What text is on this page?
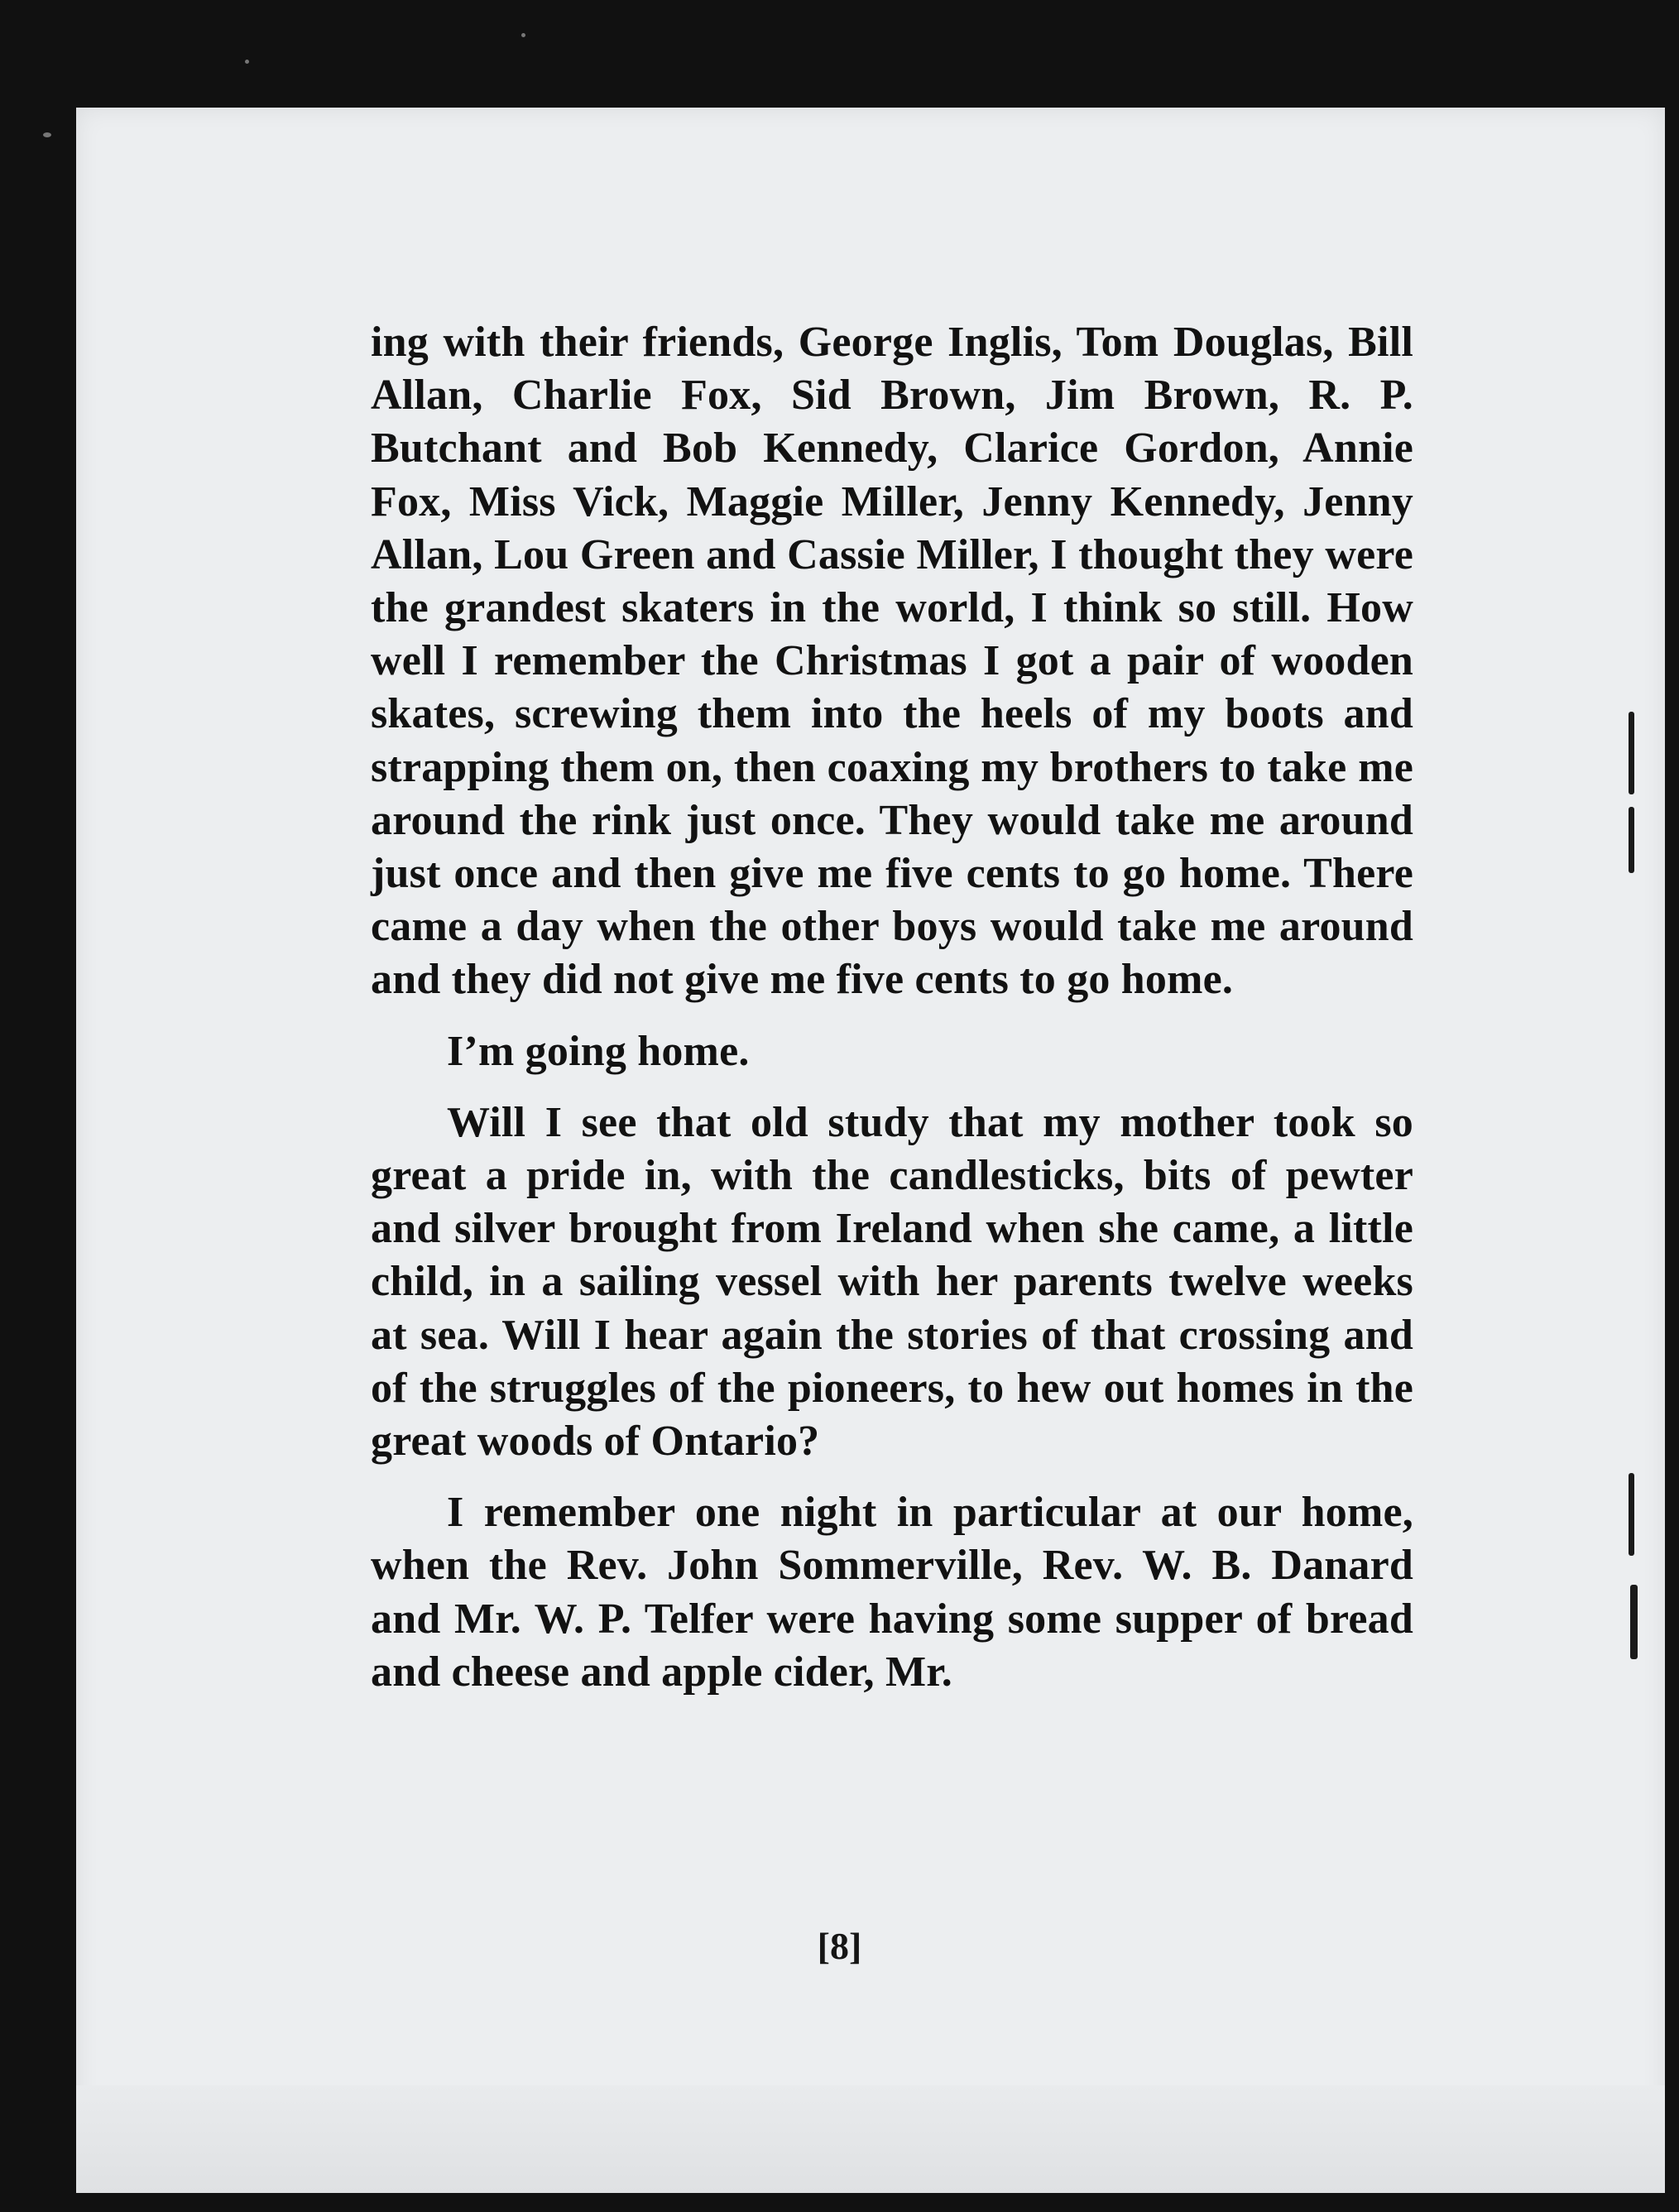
ing with their friends, George Inglis, Tom Douglas, Bill Allan, Charlie Fox, Sid Brown, Jim Brown, R. P. Butchant and Bob Kennedy, Clarice Gordon, Annie Fox, Miss Vick, Maggie Miller, Jenny Kennedy, Jenny Allan, Lou Green and Cassie Miller, I thought they were the grandest skaters in the world, I think so still. How well I remember the Christmas I got a pair of wooden skates, screwing them into the heels of my boots and strapping them on, then coaxing my brothers to take me around the rink just once. They would take me around just once and then give me five cents to go home. There came a day when the other boys would take me around and they did not give me five cents to go home.

I’m going home.

Will I see that old study that my mother took so great a pride in, with the candlesticks, bits of pewter and silver brought from Ireland when she came, a little child, in a sailing vessel with her parents twelve weeks at sea. Will I hear again the stories of that crossing and of the struggles of the pioneers, to hew out homes in the great woods of Ontario?

I remember one night in particular at our home, when the Rev. John Sommerville, Rev. W. B. Danard and Mr. W. P. Telfer were having some supper of bread and cheese and apple cider, Mr.

[8]
